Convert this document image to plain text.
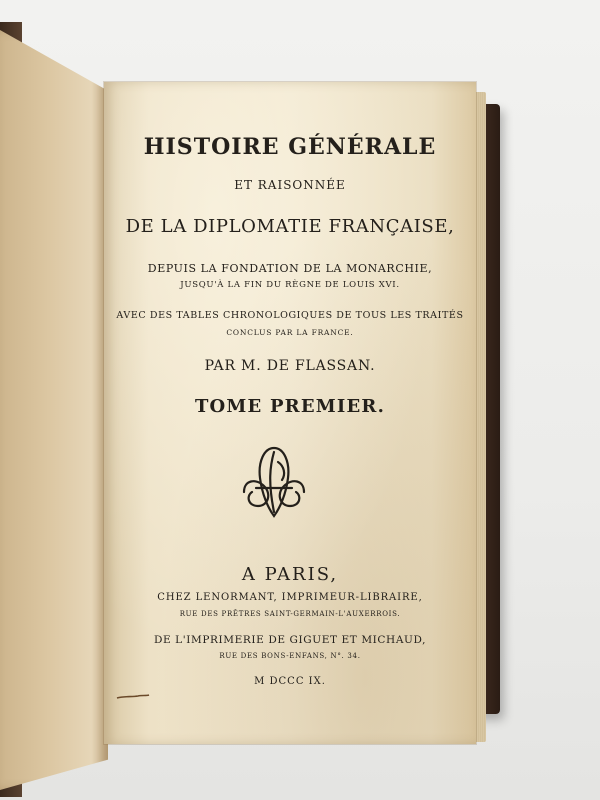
HISTOIRE GÉNÉRALE
ET RAISONNÉE
DE LA DIPLOMATIE FRANÇAISE,
DEPUIS LA FONDATION DE LA MONARCHIE,
JUSQU'À LA FIN DU RÈGNE DE LOUIS XVI.
AVEC DES TABLES CHRONOLOGIQUES DE TOUS LES TRAITÉS
CONCLUS PAR LA FRANCE.
PAR M. DE FLASSAN.
TOME PREMIER.
A PARIS,
CHEZ LENORMANT, IMPRIMEUR-LIBRAIRE,
RUE DES PRÊTRES SAINT-GERMAIN-L'AUXERROIS.
DE L'IMPRIMERIE DE GIGUET ET MICHAUD,
RUE DES BONS-ENFANS, N°. 34.
M DCCC IX.
